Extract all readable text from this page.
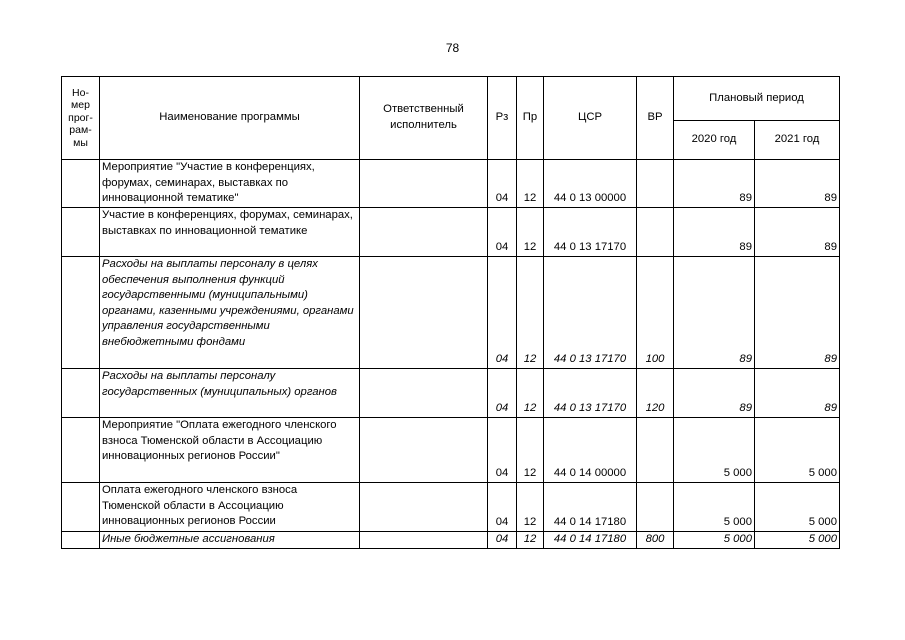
78
Но-мер прог-рам-мы	Наименование программы	Ответственный исполнитель	Рз	Пр	ЦСР	ВР	Плановый период	
							2020 год	2021 год
	Мероприятие "Участие в конференциях, форумах, семинарах, выставках по инновационной тематике"		04	12	44 0 13 00000		89	89
	Участие в конференциях, форумах, семинарах, выставках по инновационной тематике		04	12	44 0 13 17170		89	89
	Расходы на выплаты персоналу в целях обеспечения выполнения функций государственными (муниципальными) органами, казенными учреждениями, органами управления государственными внебюджетными фондами		04	12	44 0 13 17170	100	89	89
	Расходы на выплаты персоналу государственных (муниципальных) органов		04	12	44 0 13 17170	120	89	89
	Мероприятие "Оплата ежегодного членского взноса Тюменской области в Ассоциацию инновационных регионов России"		04	12	44 0 14 00000		5 000	5 000
	Оплата ежегодного членского взноса Тюменской области в Ассоциацию инновационных регионов России		04	12	44 0 14 17180		5 000	5 000
	Иные бюджетные ассигнования		04	12	44 0 14 17180	800	5 000	5 000
